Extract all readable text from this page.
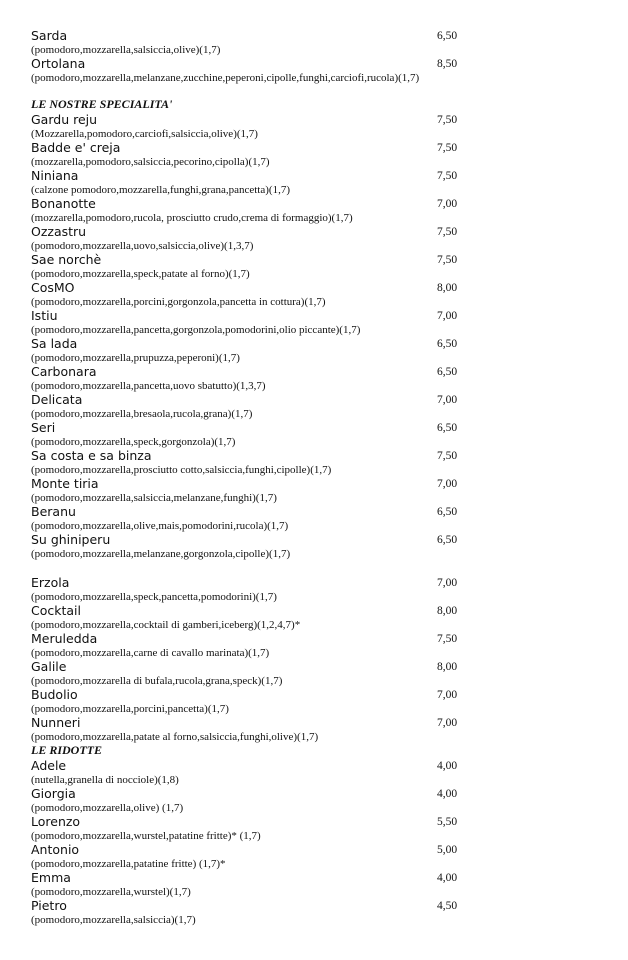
Sarda	6,50
(pomodoro,mozzarella,salsiccia,olive)(1,7)
Ortolana	8,50
(pomodoro,mozzarella,melanzane,zucchine,peperoni,cipolle,funghi,carciofi,rucola)(1,7)
LE NOSTRE SPECIALITA'
Gardu reju	7,50
(Mozzarella,pomodoro,carciofi,salsiccia,olive)(1,7)
Badde e' creja	7,50
(mozzarella,pomodoro,salsiccia,pecorino,cipolla)(1,7)
Niniana	7,50
(calzone pomodoro,mozzarella,funghi,grana,pancetta)(1,7)
Bonanotte	7,00
(mozzarella,pomodoro,rucola, prosciutto crudo,crema di formaggio)(1,7)
Ozzastru	7,50
(pomodoro,mozzarella,uovo,salsiccia,olive)(1,3,7)
Sae norchè	7,50
(pomodoro,mozzarella,speck,patate al forno)(1,7)
CosMO	8,00
(pomodoro,mozzarella,porcini,gorgonzola,pancetta in cottura)(1,7)
Istiu	7,00
(pomodoro,mozzarella,pancetta,gorgonzola,pomodorini,olio piccante)(1,7)
Sa lada	6,50
(pomodoro,mozzarella,prupuzza,peperoni)(1,7)
Carbonara	6,50
(pomodoro,mozzarella,pancetta,uovo sbatutto)(1,3,7)
Delicata	7,00
(pomodoro,mozzarella,bresaola,rucola,grana)(1,7)
Seri	6,50
(pomodoro,mozzarella,speck,gorgonzola)(1,7)
Sa costa e sa binza	7,50
(pomodoro,mozzarella,prosciutto cotto,salsiccia,funghi,cipolle)(1,7)
Monte tiria	7,00
(pomodoro,mozzarella,salsiccia,melanzane,funghi)(1,7)
Beranu	6,50
(pomodoro,mozzarella,olive,mais,pomodorini,rucola)(1,7)
Su ghiniperu	6,50
(pomodoro,mozzarella,melanzane,gorgonzola,cipolle)(1,7)
Erzola	7,00
(pomodoro,mozzarella,speck,pancetta,pomodorini)(1,7)
Cocktail	8,00
(pomodoro,mozzarella,cocktail di gamberi,iceberg)(1,2,4,7)*
Meruledda	7,50
(pomodoro,mozzarella,carne di cavallo marinata)(1,7)
Galile	8,00
(pomodoro,mozzarella di bufala,rucola,grana,speck)(1,7)
Budolio	7,00
(pomodoro,mozzarella,porcini,pancetta)(1,7)
Nunneri	7,00
(pomodoro,mozzarella,patate al forno,salsiccia,funghi,olive)(1,7)
LE RIDOTTE
Adele	4,00
(nutella,granella di nocciole)(1,8)
Giorgia	4,00
(pomodoro,mozzarella,olive) (1,7)
Lorenzo	5,50
(pomodoro,mozzarella,wurstel,patatine fritte)* (1,7)
Antonio	5,00
(pomodoro,mozzarella,patatine fritte) (1,7)*
Emma	4,00
(pomodoro,mozzarella,wurstel)(1,7)
Pietro	4,50
(pomodoro,mozzarella,salsiccia)(1,7)
